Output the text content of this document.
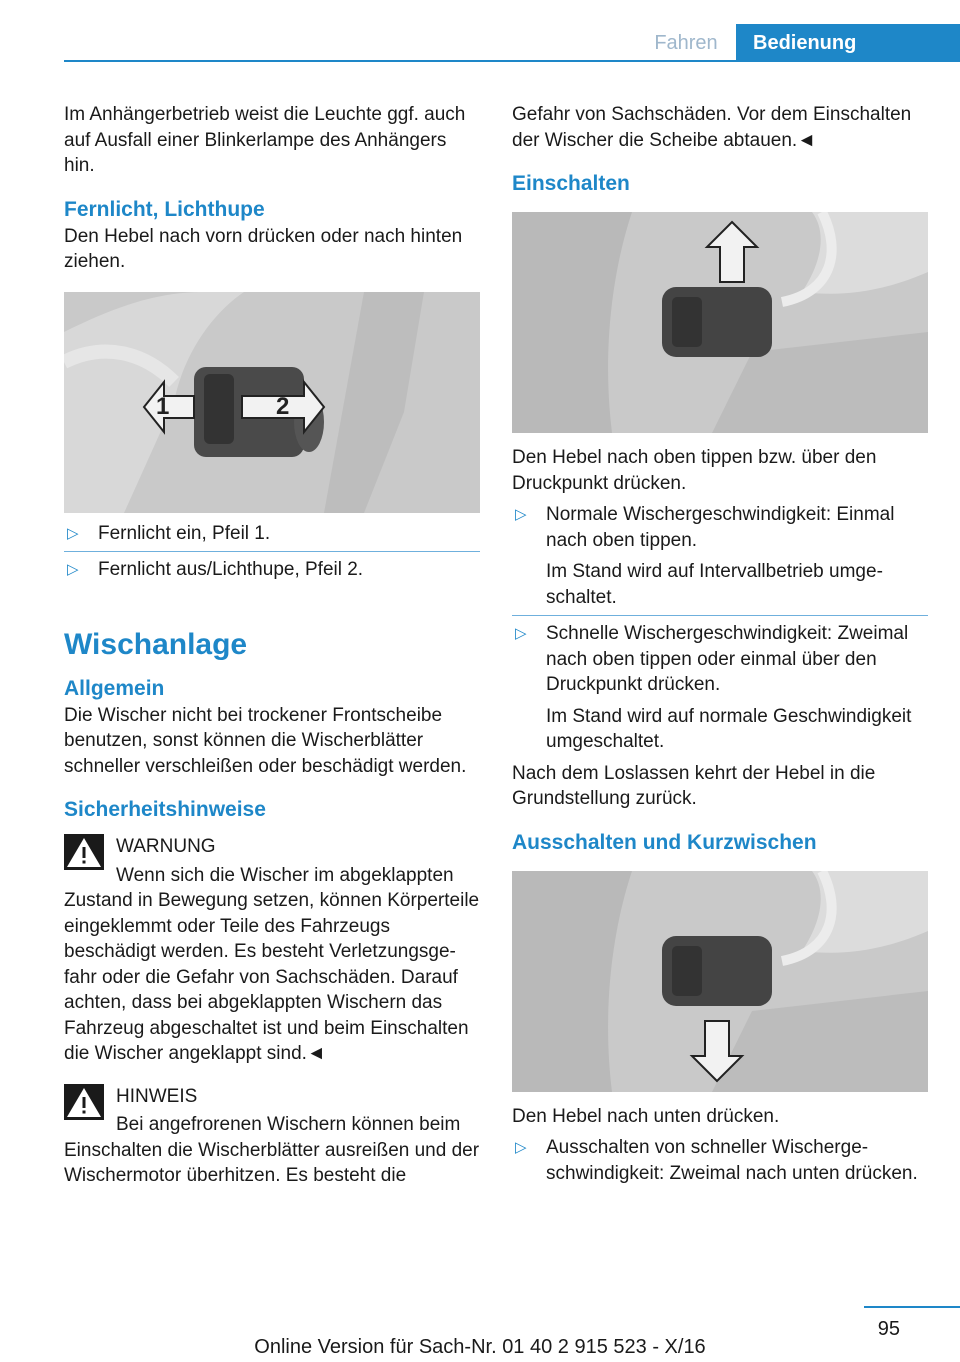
Fahren	Bedienung

Im Anhängerbetrieb weist die Leuchte ggf. auch auf Ausfall einer Blinkerlampe des Anhängers hin.

Fernlicht, Lichthupe

Den Hebel nach vorn drücken oder nach hinten ziehen.

1	2
▷ Fernlicht ein, Pfeil 1.
▷ Fernlicht aus/Lichthupe, Pfeil 2.
Wischanlage
Allgemein

Die Wischer nicht bei trockener Frontscheibe benutzen, sonst können die Wischerblätter schneller verschleißen oder beschädigt werden.

Sicherheitshinweise
WARNUNG

Wenn sich die Wischer im abgeklappten

Zustand in Bewegung setzen, können Körperteile eingeklemmt oder Teile des Fahrzeugs beschädigt werden. Es besteht Verletzungsgefahr oder die Gefahr von Sachschäden. Darauf achten, dass bei abgeklappten Wischern das Fahrzeug abgeschaltet ist und beim Einschalten die Wischer angeklappt sind.◄

HINWEIS

Bei angefrorenen Wischern können beim

Einschalten die Wischerblätter ausreißen und der Wischermotor überhitzen. Es besteht die

Gefahr von Sachschäden. Vor dem Einschalten der Wischer die Scheibe abtauen.◄

Einschalten

Den Hebel nach oben tippen bzw. über den Druckpunkt drücken.

▷ Normale Wischergeschwindigkeit: Einmal nach oben tippen.

Im Stand wird auf Intervallbetrieb umgeschaltet.

▷ Schnelle Wischergeschwindigkeit: Zweimal nach oben tippen oder einmal über den Druckpunkt drücken.

Im Stand wird auf normale Geschwindigkeit umgeschaltet.

Nach dem Loslassen kehrt der Hebel in die Grundstellung zurück.

Ausschalten und Kurzwischen

Den Hebel nach unten drücken.

▷ Ausschalten von schneller Wischergeschwindigkeit: Zweimal nach unten drücken.
95
Online Version für Sach-Nr. 01 40 2 915 523 - X/16
